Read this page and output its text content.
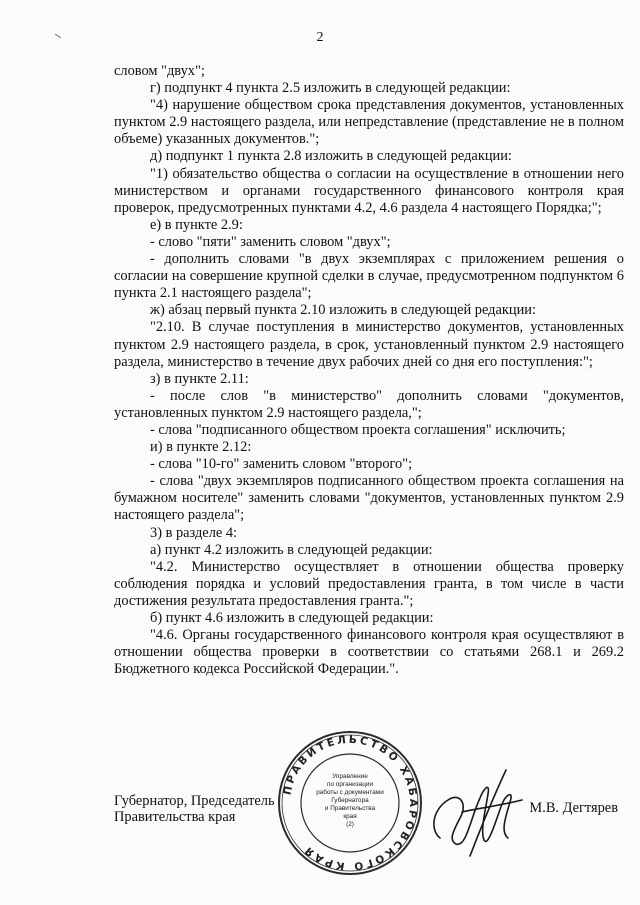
2

словом "двух";

г) подпункт 4 пункта 2.5 изложить в следующей редакции:

"4) нарушение обществом срока представления документов, установленных пунктом 2.9 настоящего раздела, или непредставление (представление не в полном объеме) указанных документов.";

д) подпункт 1 пункта 2.8 изложить в следующей редакции:

"1) обязательство общества о согласии на осуществление в отношении него министерством и органами государственного финансового контроля края проверок, предусмотренных пунктами 4.2, 4.6 раздела 4 настоящего Порядка;";

е) в пункте 2.9:

- слово "пяти" заменить словом "двух";

- дополнить словами "в двух экземплярах с приложением решения о согласии на совершение крупной сделки в случае, предусмотренном подпунктом 6 пункта 2.1 настоящего раздела";

ж) абзац первый пункта 2.10 изложить в следующей редакции:

"2.10. В случае поступления в министерство документов, установленных пунктом 2.9 настоящего раздела, в срок, установленный пунктом 2.9 настоящего раздела, министерство в течение двух рабочих дней со дня его поступления:";

з) в пункте 2.11:

- после слов "в министерство" дополнить словами "документов, установленных пунктом 2.9 настоящего раздела,";

- слова "подписанного обществом проекта соглашения" исключить;

и) в пункте 2.12:

- слова "10-го" заменить словом "второго";

- слова "двух экземпляров подписанного обществом проекта соглашения на бумажном носителе" заменить словами "документов, установленных пунктом 2.9 настоящего раздела";

3) в разделе 4:

а) пункт 4.2 изложить в следующей редакции:

"4.2. Министерство осуществляет в отношении общества проверку соблюдения порядка и условий предоставления гранта, в том числе в части достижения результата предоставления гранта.";

б) пункт 4.6 изложить в следующей редакции:

"4.6. Органы государственного финансового контроля края осуществляют в отношении общества проверки в соответствии со статьями 268.1 и 269.2 Бюджетного кодекса Российской Федерации.".

Губернатор, Председатель
Правительства края
ПРАВИТЕЛЬСТВО ХАБАРОВСКОГО КРАЯ
Управление
по организации
работы с документами
Губернатора
и Правительства
края
(2)
М.В. Дегтярев
